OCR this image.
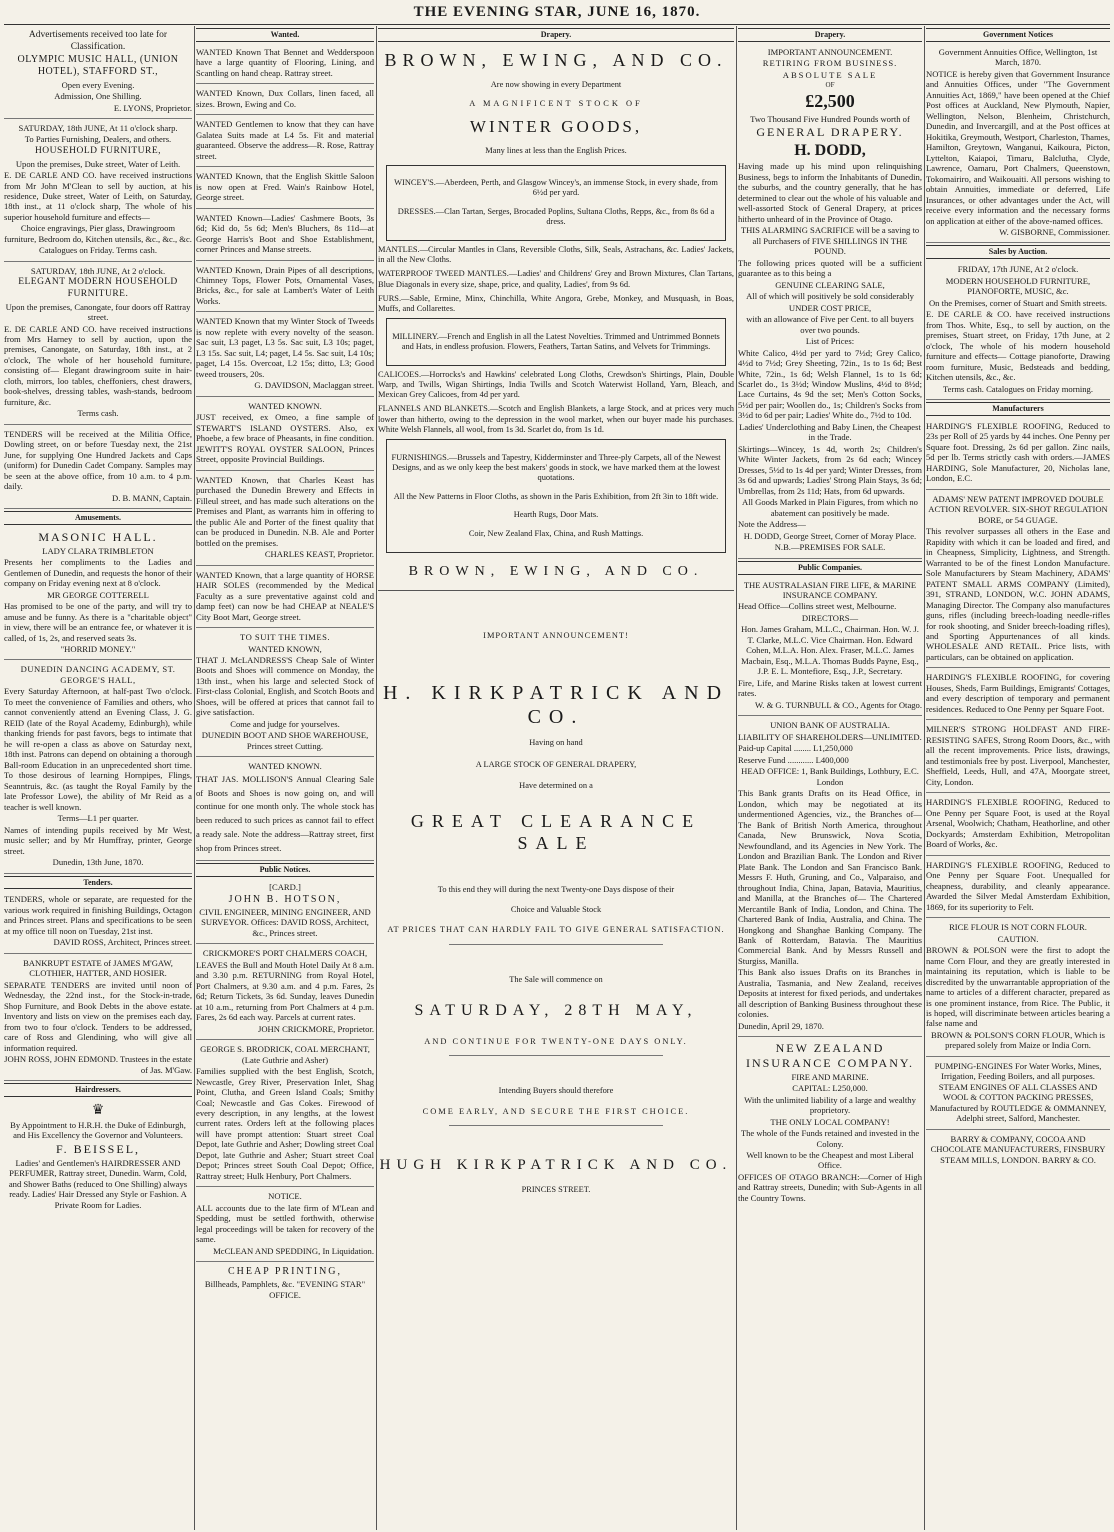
THE EVENING STAR, JUNE 16, 1870.

Advertisements received too late for Classification.

OLYMPIC MUSIC HALL, (UNION HOTEL), STAFFORD ST.,

Open every Evening.

Admission, One Shilling.

E. LYONS, Proprietor.

SATURDAY, 18th JUNE, At 11 o'clock sharp.

To Parties Furnishing, Dealers, and others.

HOUSEHOLD FURNITURE,

Upon the premises, Duke street, Water of Leith.

E. DE CARLE AND CO. have received instructions from Mr John M'Clean to sell by auction, at his residence, Duke street, Water of Leith, on Saturday, 18th inst., at 11 o'clock sharp, The whole of his superior household furniture and effects—

Choice engravings, Pier glass, Drawingroom furniture, Bedroom do, Kitchen utensils, &c., &c., &c.

Catalogues on Friday. Terms cash.

SATURDAY, 18th JUNE, At 2 o'clock.

ELEGANT MODERN HOUSEHOLD FURNITURE.

Upon the premises, Canongate, four doors off Rattray street.

E. DE CARLE AND CO. have received instructions from Mrs Harney to sell by auction, upon the premises, Canongate, on Saturday, 18th inst., at 2 o'clock, The whole of her household furniture, consisting of— Elegant drawingroom suite in hair-cloth, mirrors, loo tables, cheffoniers, chest drawers, book-shelves, dressing tables, wash-stands, bedroom furniture, &c.

Terms cash.

TENDERS will be received at the Militia Office, Dowling street, on or before Tuesday next, the 21st June, for supplying One Hundred Jackets and Caps (uniform) for Dunedin Cadet Company. Samples may be seen at the above office, from 10 a.m. to 4 p.m. daily.

D. B. MANN, Captain.

Amusements.

MASONIC HALL.

LADY CLARA TRIMBLETON

Presents her compliments to the Ladies and Gentlemen of Dunedin, and requests the honor of their company on Friday evening next at 8 o'clock.

MR GEORGE COTTERELL

Has promised to be one of the party, and will try to amuse and be funny. As there is a "charitable object" in view, there will be an entrance fee, or whatever it is called, of 1s, 2s, and reserved seats 3s.

"HORRID MONEY."

DUNEDIN DANCING ACADEMY, ST. GEORGE'S HALL,

Every Saturday Afternoon, at half-past Two o'clock. To meet the convenience of Families and others, who cannot conveniently attend an Evening Class, J. G. REID (late of the Royal Academy, Edinburgh), while thanking friends for past favors, begs to intimate that he will re-open a class as above on Saturday next, 18th inst. Patrons can depend on obtaining a thorough Ball-room Education in an unprecedented short time. To those desirous of learning Hornpipes, Flings, Seanntruis, &c. (as taught the Royal Family by the late Professor Lowe), the ability of Mr Reid as a teacher is well known.

Terms—L1 per quarter.

Names of intending pupils received by Mr West, music seller; and by Mr Humffray, printer, George street.

Dunedin, 13th June, 1870.

Tenders.

TENDERS, whole or separate, are requested for the various work required in finishing Buildings, Octagon and Princes street. Plans and specifications to be seen at my office till noon on Tuesday, 21st inst.

DAVID ROSS, Architect, Princes street.

BANKRUPT ESTATE of JAMES M'GAW, CLOTHIER, HATTER, AND HOSIER.

SEPARATE TENDERS are invited until noon of Wednesday, the 22nd inst., for the Stock-in-trade, Shop Furniture, and Book Debts in the above estate. Inventory and lists on view on the premises each day, from two to four o'clock. Tenders to be addressed, care of Ross and Glendining, who will give all information required.

JOHN ROSS, JOHN EDMOND. Trustees in the estate of Jas. M'Gaw.

Hairdressers.

♛

By Appointment to H.R.H. the Duke of Edinburgh, and His Excellency the Governor and Volunteers.

F. BEISSEL,

Ladies' and Gentlemen's HAIRDRESSER AND PERFUMER, Rattray street, Dunedin. Warm, Cold, and Shower Baths (reduced to One Shilling) always ready. Ladies' Hair Dressed any Style or Fashion. A Private Room for Ladies.

Wanted.

WANTED Known That Bennet and Wedderspoon have a large quantity of Flooring, Lining, and Scantling on hand cheap. Rattray street.

WANTED Known, Dux Collars, linen faced, all sizes. Brown, Ewing and Co.

WANTED Gentlemen to know that they can have Galatea Suits made at L4 5s. Fit and material guaranteed. Observe the address—R. Rose, Rattray street.

WANTED Known, that the English Skittle Saloon is now open at Fred. Wain's Rainbow Hotel, George street.

WANTED Known—Ladies' Cashmere Boots, 3s 6d; Kid do, 5s 6d; Men's Bluchers, 8s 11d—at George Harris's Boot and Shoe Establishment, corner Princes and Manse streets.

WANTED Known, Drain Pipes of all descriptions, Chimney Tops, Flower Pots, Ornamental Vases, Bricks, &c., for sale at Lambert's Water of Leith Works.

WANTED Known that my Winter Stock of Tweeds is now replete with every novelty of the season. Sac suit, L3 paget, L3 5s. Sac suit, L3 10s; paget, L3 15s. Sac suit, L4; paget, L4 5s. Sac suit, L4 10s; paget, L4 15s. Overcoat, L2 15s; ditto, L3; Good tweed trousers, 20s.

G. DAVIDSON, Maclaggan street.

WANTED KNOWN.

JUST received, ex Omeo, a fine sample of STEWART'S ISLAND OYSTERS. Also, ex Phoebe, a few brace of Pheasants, in fine condition. JEWITT'S ROYAL OYSTER SALOON, Princes Street, opposite Provincial Buildings.

WANTED Known, that Charles Keast has purchased the Dunedin Brewery and Effects in Filleul street, and has made such alterations on the Premises and Plant, as warrants him in offering to the public Ale and Porter of the finest quality that can be produced in Dunedin. N.B. Ale and Porter bottled on the premises.

CHARLES KEAST, Proprietor.

WANTED Known, that a large quantity of HORSE HAIR SOLES (recommended by the Medical Faculty as a sure preventative against cold and damp feet) can now be had CHEAP at NEALE'S City Boot Mart, George street.

TO SUIT THE TIMES.

WANTED KNOWN,

THAT J. McLANDRESS'S Cheap Sale of Winter Boots and Shoes will commence on Monday, the 13th inst., when his large and selected Stock of First-class Colonial, English, and Scotch Boots and Shoes, will be offered at prices that cannot fail to give satisfaction.

Come and judge for yourselves.

DUNEDIN BOOT AND SHOE WAREHOUSE, Princes street Cutting.

WANTED KNOWN.

THAT JAS. MOLLISON'S Annual Clearing Sale of Boots and Shoes is now going on, and will continue for one month only. The whole stock has been reduced to such prices as cannot fail to effect a ready sale. Note the address—Rattray street, first shop from Princes street.

Public Notices.

[CARD.]

JOHN B. HOTSON,

CIVIL ENGINEER, MINING ENGINEER, AND SURVEYOR. Offices: DAVID ROSS, Architect, &c., Princes street.

CRICKMORE'S PORT CHALMERS COACH,

LEAVES the Bull and Mouth Hotel Daily At 8 a.m. and 3.30 p.m. RETURNING from Royal Hotel, Port Chalmers, at 9.30 a.m. and 4 p.m. Fares, 2s 6d; Return Tickets, 3s 6d. Sunday, leaves Dunedin at 10 a.m., returning from Port Chalmers at 4 p.m. Fares, 2s 6d each way. Parcels at current rates.

JOHN CRICKMORE, Proprietor.

GEORGE S. BRODRICK, COAL MERCHANT, (Late Guthrie and Asher)

Families supplied with the best English, Scotch, Newcastle, Grey River, Preservation Inlet, Shag Point, Clutha, and Green Island Coals; Smithy Coal; Newcastle and Gas Cokes. Firewood of every description, in any lengths, at the lowest current rates. Orders left at the following places will have prompt attention: Stuart street Coal Depot, late Guthrie and Asher; Dowling street Coal Depot, late Guthrie and Asher; Stuart street Coal Depot; Princes street South Coal Depot; Office, Rattray street; Hulk Henbury, Port Chalmers.

NOTICE.

ALL accounts due to the late firm of M'Lean and Spedding, must be settled forthwith, otherwise legal proceedings will be taken for recovery of the same.

McCLEAN AND SPEDDING, In Liquidation.

CHEAP PRINTING,

Billheads, Pamphlets, &c. "EVENING STAR" OFFICE.

Drapery.
BROWN, EWING, AND CO.

Are now showing in every Department

A MAGNIFICENT STOCK OF

WINTER GOODS,

Many lines at less than the English Prices.

WINCEY'S.—Aberdeen, Perth, and Glasgow Wincey's, an immense Stock, in every shade, from 6½d per yard.

DRESSES.—Clan Tartan, Serges, Brocaded Poplins, Sultana Cloths, Repps, &c., from 8s 6d a dress.

MANTLES.—Circular Mantles in Clans, Reversible Cloths, Silk, Seals, Astrachans, &c. Ladies' Jackets, in all the New Cloths.

WATERPROOF TWEED MANTLES.—Ladies' and Childrens' Grey and Brown Mixtures, Clan Tartans, Blue Diagonals in every size, shape, price, and quality, Ladies', from 9s 6d.

FURS.—Sable, Ermine, Minx, Chinchilla, White Angora, Grebe, Monkey, and Musquash, in Boas, Muffs, and Collarettes.

MILLINERY.—French and English in all the Latest Novelties. Trimmed and Untrimmed Bonnets and Hats, in endless profusion. Flowers, Feathers, Tartan Satins, and Velvets for Trimmings.

CALICOES.—Horrocks's and Hawkins' celebrated Long Cloths, Crewdson's Shirtings, Plain, Double Warp, and Twills, Wigan Shirtings, India Twills and Scotch Waterwist Holland, Yarn, Bleach, and Mexican Grey Calicoes, from 4d per yard.

FLANNELS AND BLANKETS.—Scotch and English Blankets, a large Stock, and at prices very much lower than hitherto, owing to the depression in the wool market, when our buyer made his purchases. White Welsh Flannels, all wool, from 1s 3d. Scarlet do, from 1s 1d.

FURNISHINGS.—Brussels and Tapestry, Kidderminster and Three-ply Carpets, all of the Newest Designs, and as we only keep the best makers' goods in stock, we have marked them at the lowest quotations.

All the New Patterns in Floor Cloths, as shown in the Paris Exhibition, from 2ft 3in to 18ft wide.

Hearth Rugs, Door Mats.

Coir, New Zealand Flax, China, and Rush Mattings.

BROWN, EWING, AND CO.

IMPORTANT ANNOUNCEMENT!

H. KIRKPATRICK AND CO.

Having on hand

A LARGE STOCK OF GENERAL DRAPERY,

Have determined on a

GREAT CLEARANCE SALE

To this end they will during the next Twenty-one Days dispose of their

Choice and Valuable Stock

AT PRICES THAT CAN HARDLY FAIL TO GIVE GENERAL SATISFACTION.

The Sale will commence on

SATURDAY, 28TH MAY,

AND CONTINUE FOR TWENTY-ONE DAYS ONLY.

Intending Buyers should therefore

COME EARLY, AND SECURE THE FIRST CHOICE.

HUGH KIRKPATRICK AND CO.

PRINCES STREET.

Drapery.

IMPORTANT ANNOUNCEMENT.

RETIRING FROM BUSINESS.

ABSOLUTE SALE

OF

£2,500

Two Thousand Five Hundred Pounds worth of

GENERAL DRAPERY.

H. DODD,

Having made up his mind upon relinquishing Business, begs to inform the Inhabitants of Dunedin, the suburbs, and the country generally, that he has determined to clear out the whole of his valuable and well-assorted Stock of General Drapery, at prices hitherto unheard of in the Province of Otago.

THIS ALARMING SACRIFICE will be a saving to all Purchasers of FIVE SHILLINGS IN THE POUND.

The following prices quoted will be a sufficient guarantee as to this being a

GENUINE CLEARING SALE,

All of which will positively be sold considerably

UNDER COST PRICE,

with an allowance of Five per Cent. to all buyers over two pounds.

List of Prices:

White Calico, 4½d per yard to 7½d; Grey Calico, 4½d to 7½d; Grey Sheeting, 72in., 1s to 1s 6d; Best White, 72in., 1s 6d; Welsh Flannel, 1s to 1s 6d; Scarlet do., 1s 3½d; Window Muslins, 4½d to 8½d; Lace Curtains, 4s 9d the set; Men's Cotton Socks, 5½d per pair; Woollen do., 1s; Children's Socks from 3½d to 6d per pair; Ladies' White do., 7½d to 10d.

Ladies' Underclothing and Baby Linen, the Cheapest in the Trade.

Skirtings—Wincey, 1s 4d, worth 2s; Children's White Winter Jackets, from 2s 6d each; Wincey Dresses, 5½d to 1s 4d per yard; Winter Dresses, from 3s 6d and upwards; Ladies' Strong Plain Stays, 3s 6d; Umbrellas, from 2s 11d; Hats, from 6d upwards.

All Goods Marked in Plain Figures, from which no abatement can positively be made.

Note the Address—

H. DODD, George Street, Corner of Moray Place.

N.B.—PREMISES FOR SALE.

Public Companies.

THE AUSTRALASIAN FIRE LIFE, & MARINE INSURANCE COMPANY.

Head Office—Collins street west, Melbourne.

DIRECTORS—

Hon. James Graham, M.L.C., Chairman. Hon. W. J. T. Clarke, M.L.C. Vice Chairman. Hon. Edward Cohen, M.L.A. Hon. Alex. Fraser, M.L.C. James Macbain, Esq., M.L.A. Thomas Budds Payne, Esq., J.P. E. L. Montefiore, Esq., J.P., Secretary.

Fire, Life, and Marine Risks taken at lowest current rates.

W. & G. TURNBULL & CO., Agents for Otago.

UNION BANK OF AUSTRALIA.

LIABILITY OF SHAREHOLDERS—UNLIMITED.

Paid-up Capital ........ L1,250,000

Reserve Fund ............ L400,000

HEAD OFFICE: 1, Bank Buildings, Lothbury, E.C. London

This Bank grants Drafts on its Head Office, in London, which may be negotiated at its undermentioned Agencies, viz., the Branches of— The Bank of British North America, throughout Canada, New Brunswick, Nova Scotia, Newfoundland, and its Agencies in New York. The London and Brazilian Bank. The London and River Plate Bank. The London and San Francisco Bank. Messrs F. Huth, Gruning, and Co., Valparaiso, and throughout India, China, Japan, Batavia, Mauritius, and Manilla, at the Branches of— The Chartered Mercantile Bank of India, London, and China. The Chartered Bank of India, Australia, and China. The Hongkong and Shanghae Banking Company. The Bank of Rotterdam, Batavia. The Mauritius Commercial Bank. And by Messrs Russell and Sturgiss, Manilla.

This Bank also issues Drafts on its Branches in Australia, Tasmania, and New Zealand, receives Deposits at interest for fixed periods, and undertakes all description of Banking Business throughout these colonies.

Dunedin, April 29, 1870.

NEW ZEALAND INSURANCE COMPANY.

FIRE AND MARINE.

CAPITAL: L250,000.

With the unlimited liability of a large and wealthy proprietory.

THE ONLY LOCAL COMPANY!

The whole of the Funds retained and invested in the Colony.

Well known to be the Cheapest and most Liberal Office.

OFFICES OF OTAGO BRANCH:—Corner of High and Rattray streets, Dunedin; with Sub-Agents in all the Country Towns.

Government Notices

Government Annuities Office, Wellington, 1st March, 1870.

NOTICE is hereby given that Government Insurance and Annuities Offices, under "The Government Annuities Act, 1869," have been opened at the Chief Post offices at Auckland, New Plymouth, Napier, Wellington, Nelson, Blenheim, Christchurch, Dunedin, and Invercargill, and at the Post offices at Hokitika, Greymouth, Westport, Charleston, Thames, Hamilton, Greytown, Wanganui, Kaikoura, Picton, Lyttelton, Kaiapoi, Timaru, Balclutha, Clyde, Lawrence, Oamaru, Port Chalmers, Queenstown, Tokomairiro, and Waikouaiti. All persons wishing to obtain Annuities, immediate or deferred, Life Insurances, or other advantages under the Act, will receive every information and the necessary forms on application at either of the above-named offices.

W. GISBORNE, Commissioner.

Sales by Auction.

FRIDAY, 17th JUNE, At 2 o'clock.

MODERN HOUSEHOLD FURNITURE, PIANOFORTE, MUSIC, &c.

On the Premises, corner of Stuart and Smith streets.

E. DE CARLE & CO. have received instructions from Thos. White, Esq., to sell by auction, on the premises, Stuart street, on Friday, 17th June, at 2 o'clock, The whole of his modern household furniture and effects— Cottage pianoforte, Drawing room furniture, Music, Bedsteads and bedding, Kitchen utensils, &c., &c.

Terms cash. Catalogues on Friday morning.

Manufacturers

HARDING'S FLEXIBLE ROOFING, Reduced to 23s per Roll of 25 yards by 44 inches. One Penny per Square foot. Dressing, 2s 6d per gallon. Zinc nails, 5d per lb. Terms strictly cash with orders.—JAMES HARDING, Sole Manufacturer, 20, Nicholas lane, London, E.C.

ADAMS' NEW PATENT IMPROVED DOUBLE ACTION REVOLVER. SIX-SHOT REGULATION BORE, or 54 GUAGE.

This revolver surpasses all others in the Ease and Rapidity with which it can be loaded and fired, and in Cheapness, Simplicity, Lightness, and Strength. Warranted to be of the finest London Manufacture. Sole Manufacturers by Steam Machinery, ADAMS' PATENT SMALL ARMS COMPANY (Limited), 391, STRAND, LONDON, W.C. JOHN ADAMS, Managing Director. The Company also manufactures guns, rifles (including breech-loading needle-rifles for rook shooting, and Snider breech-loading rifles), and Sporting Appurtenances of all kinds. WHOLESALE AND RETAIL. Price lists, with particulars, can be obtained on application.

HARDING'S FLEXIBLE ROOFING, for covering Houses, Sheds, Farm Buildings, Emigrants' Cottages, and every description of temporary and permanent residences. Reduced to One Penny per Square Foot.

MILNER'S STRONG HOLDFAST AND FIRE-RESISTING SAFES, Strong Room Doors, &c., with all the recent improvements. Price lists, drawings, and testimonials free by post. Liverpool, Manchester, Sheffield, Leeds, Hull, and 47A, Moorgate street, City, London.

HARDING'S FLEXIBLE ROOFING, Reduced to One Penny per Square Foot, is used at the Royal Arsenal, Woolwich; Chatham, Heathorline, and other Dockyards; Amsterdam Exhibition, Metropolitan Board of Works, &c.

HARDING'S FLEXIBLE ROOFING, Reduced to One Penny per Square Foot. Unequalled for cheapness, durability, and cleanly appearance. Awarded the Silver Medal Amsterdam Exhibition, 1869, for its superiority to Felt.

RICE FLOUR IS NOT CORN FLOUR.

CAUTION.

BROWN & POLSON were the first to adopt the name Corn Flour, and they are greatly interested in maintaining its reputation, which is liable to be discredited by the unwarrantable appropriation of the name to articles of a different character, prepared as is one prominent instance, from Rice. The Public, it is hoped, will discriminate between articles bearing a false name and

BROWN & POLSON'S CORN FLOUR, Which is prepared solely from Maize or India Corn.

PUMPING-ENGINES For Water Works, Mines, Irrigation, Feeding Boilers, and all purposes. STEAM ENGINES OF ALL CLASSES AND WOOL & COTTON PACKING PRESSES, Manufactured by ROUTLEDGE & OMMANNEY, Adelphi street, Salford, Manchester.

BARRY & COMPANY, COCOA AND CHOCOLATE MANUFACTURERS, FINSBURY STEAM MILLS, LONDON. BARRY & CO.
